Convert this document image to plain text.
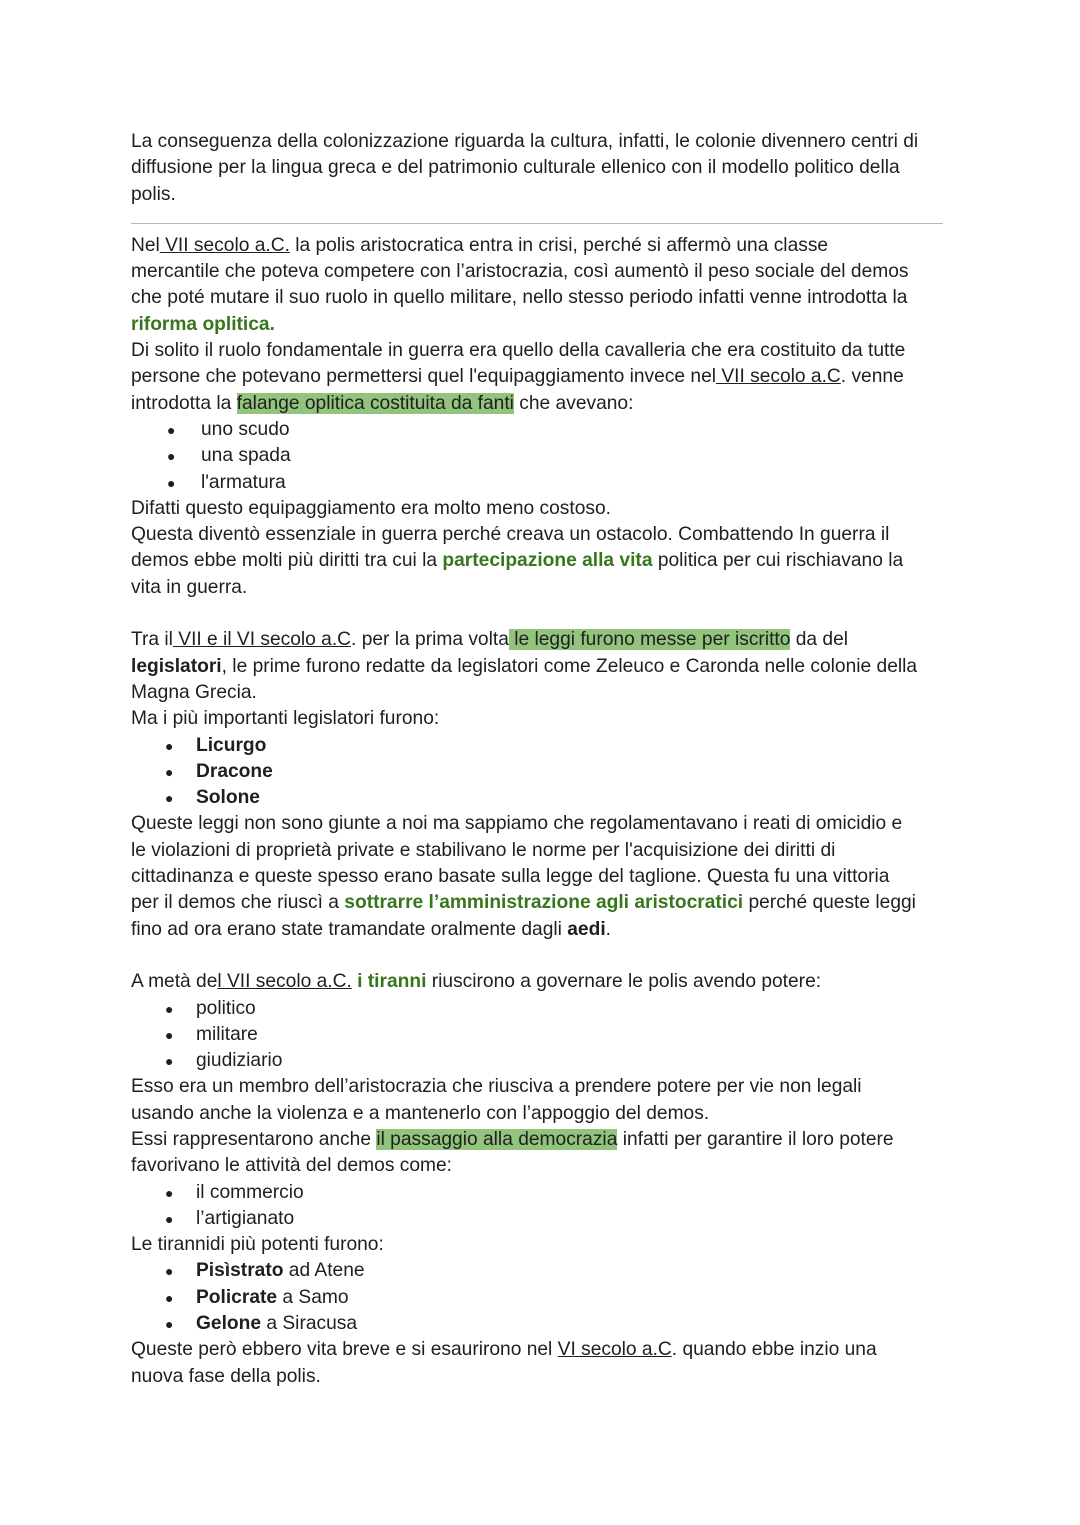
La conseguenza della colonizzazione riguarda la cultura, infatti, le colonie divennero centri di

diffusione per la lingua greca e del patrimonio culturale ellenico con il modello politico della

polis.

Nel VII secolo a.C. la polis aristocratica entra in crisi, perché si affermò una classe

mercantile che poteva competere con l’aristocrazia, così aumentò il peso sociale del demos

che poté mutare il suo ruolo in quello militare, nello stesso periodo infatti venne introdotta la

riforma oplitica.

Di solito il ruolo fondamentale in guerra era quello della cavalleria che era costituito da tutte

persone che potevano permettersi quel l'equipaggiamento invece nel VII secolo a.C. venne

introdotta la falange oplitica costituita da fanti che avevano:

● uno scudo
● una spada
● l'armatura

Difatti questo equipaggiamento era molto meno costoso.

Questa diventò essenziale in guerra perché creava un ostacolo. Combattendo In guerra il

demos ebbe molti più diritti tra cui la partecipazione alla vita politica per cui rischiavano la

vita in guerra.

Tra il VII e il VI secolo a.C. per la prima volta le leggi furono messe per iscritto da del

legislatori, le prime furono redatte da legislatori come Zeleuco e Caronda nelle colonie della

Magna Grecia.

Ma i più importanti legislatori furono:

● Licurgo
● Dracone
● Solone

Queste leggi non sono giunte a noi ma sappiamo che regolamentavano i reati di omicidio e

le violazioni di proprietà private e stabilivano le norme per l'acquisizione dei diritti di

cittadinanza e queste spesso erano basate sulla legge del taglione. Questa fu una vittoria

per il demos che riuscì a sottrarre l’amministrazione agli aristocratici perché queste leggi

fino ad ora erano state tramandate oralmente dagli aedi.

A metà del VII secolo a.C. i tiranni riuscirono a governare le polis avendo potere:

● politico
● militare
● giudiziario

Esso era un membro dell’aristocrazia che riusciva a prendere potere per vie non legali

usando anche la violenza e a mantenerlo con l’appoggio del demos.

Essi rappresentarono anche il passaggio alla democrazia infatti per garantire il loro potere

favorivano le attività del demos come:

● il commercio
● l’artigianato

Le tirannidi più potenti furono:

● Pisìstrato ad Atene
● Policrate a Samo
● Gelone a Siracusa

Queste però ebbero vita breve e si esaurirono nel VI secolo a.C. quando ebbe inzio una

nuova fase della polis.
